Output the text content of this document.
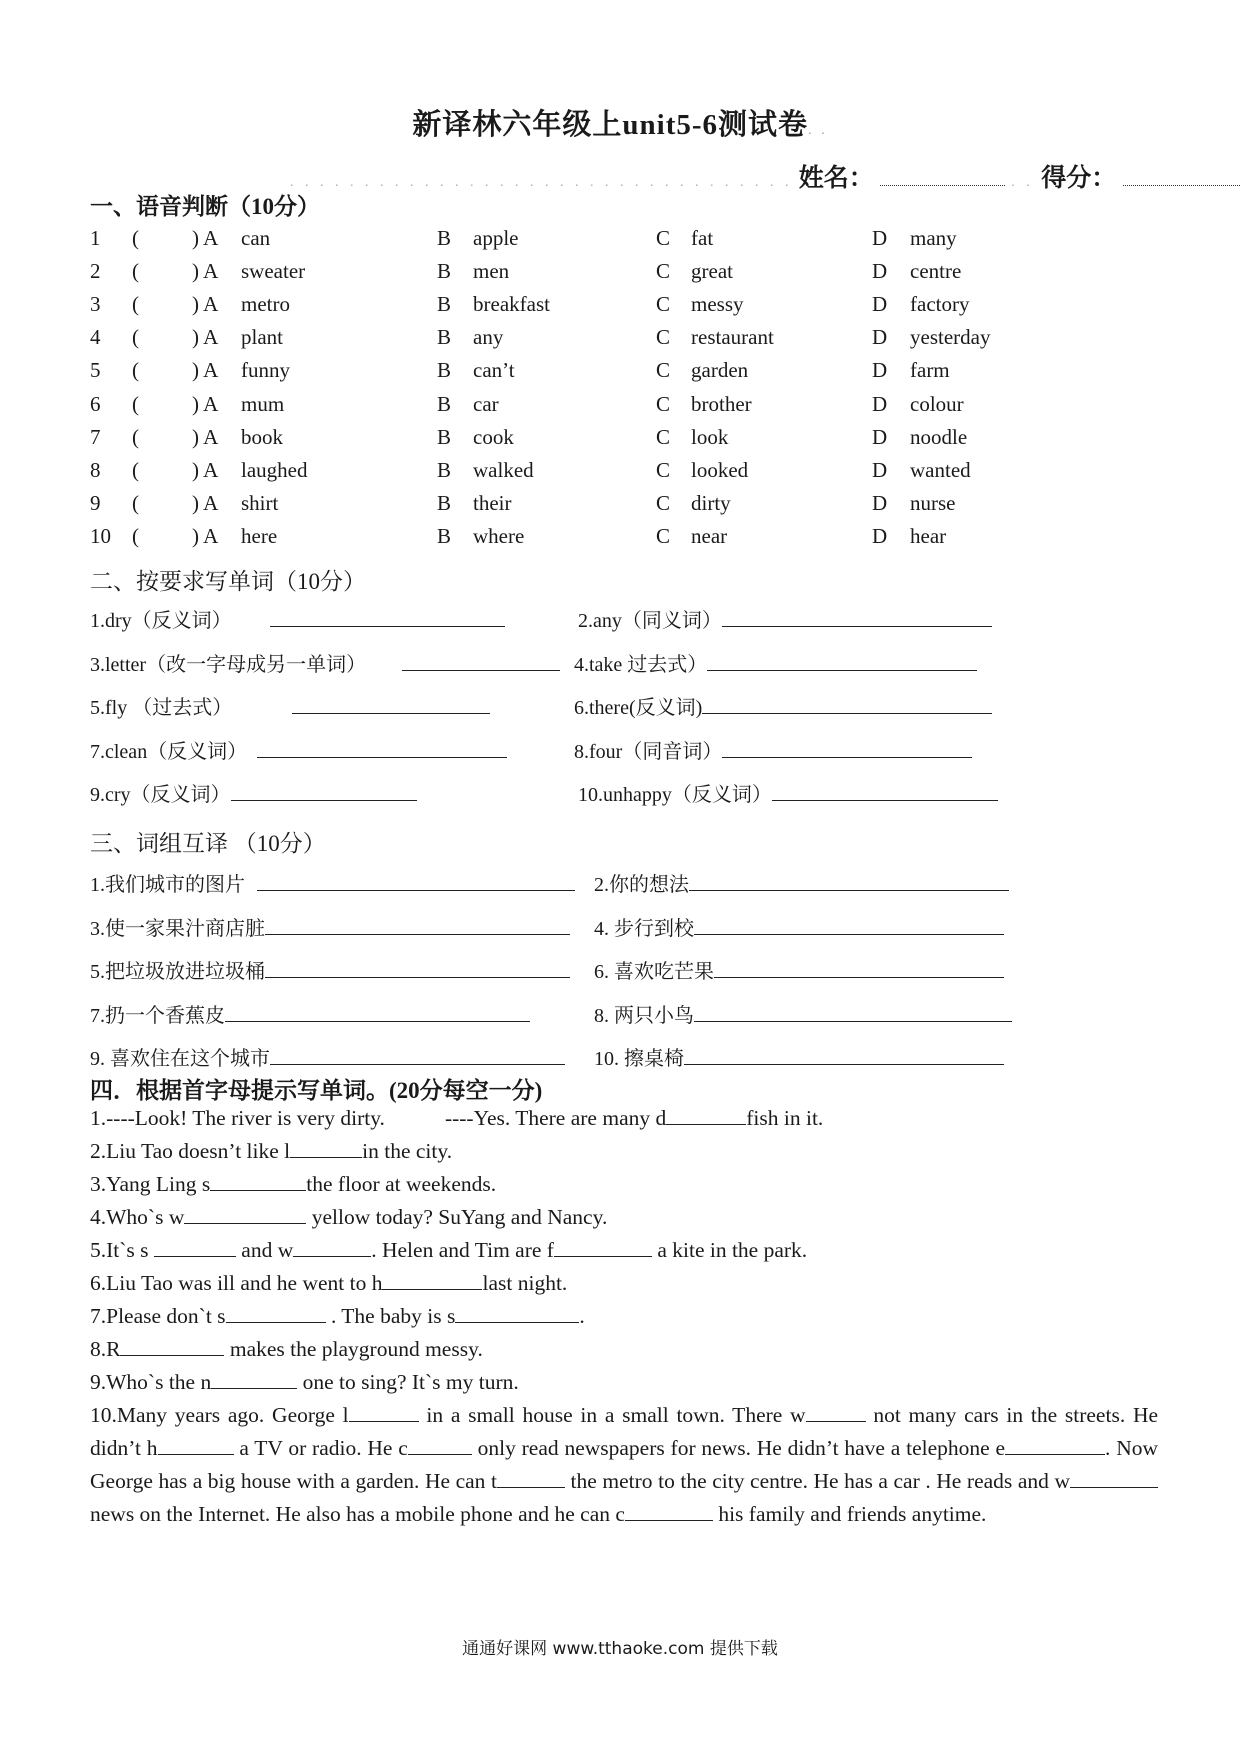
新译林六年级上unit5-6测试卷. .
. . . . . . . . . . . . . . . . . . . . . . . . . . . . . . . . . . 姓名：	. . 得分：
一、语音判断（10分）
1 (	) A can	B apple	C fat	D many
2 (	) A sweater	B men	C great	D centre
3 (	) A metro	B breakfast	C messy	D factory
4 (	) A plant	B any	C restaurant	D yesterday
5 (	) A funny	B can’t	C garden	D farm
6 (	) A mum	B car	C brother	D colour
7 (	) A book	B cook	C look	D noodle
8 (	) A laughed	B walked	C looked	D wanted
9 (	) A shirt	B their	C dirty	D nurse
10 (	) A here	B where	C near	D hear
二、按要求写单词（10分）
1.dry（反义词）	2.any（同义词）
3.letter（改一字母成另一单词）	4.take 过去式）
5.fly （过去式）	6.there(反义词)
7.clean（反义词）	8.four（同音词）
9.cry（反义词）	10.unhappy（反义词）
三、词组互译 （10分）
1.我们城市的图片	2.你的想法
3.使一家果汁商店脏	4. 步行到校
5.把垃圾放进垃圾桶	6. 喜欢吃芒果
7.扔一个香蕉皮	8. 两只小鸟
9. 喜欢住在这个城市	10. 擦桌椅
四．根据首字母提示写单词。(20分每空一分)
1.----Look! The river is very dirty.	----Yes. There are many d	fish in it.
2.Liu Tao doesn’t like l	in the city.
3.Yang Ling s	the floor at weekends.
4.Who`s w	yellow today? SuYang and Nancy.
5.It`s s	and w	. Helen and Tim are f	a kite in the park.
6.Liu Tao was ill and he went to h	last night.
7.Please don`t s	. The baby is s	.
8.R	makes the playground messy.
9.Who`s the n	one to sing? It`s my turn.
10.Many years ago. George l	in a small house in a small town. There w	not many cars in the streets. He didn’t h	a TV or radio. He c	only read newspapers for news. He didn’t have a telephone e	. Now George has a big house with a garden. He can t	the metro to the city centre. He has a car . He reads and w news on the Internet. He also has a mobile phone and he can c	his family and friends anytime.
通通好课网 www.tthaoke.com 提供下载
